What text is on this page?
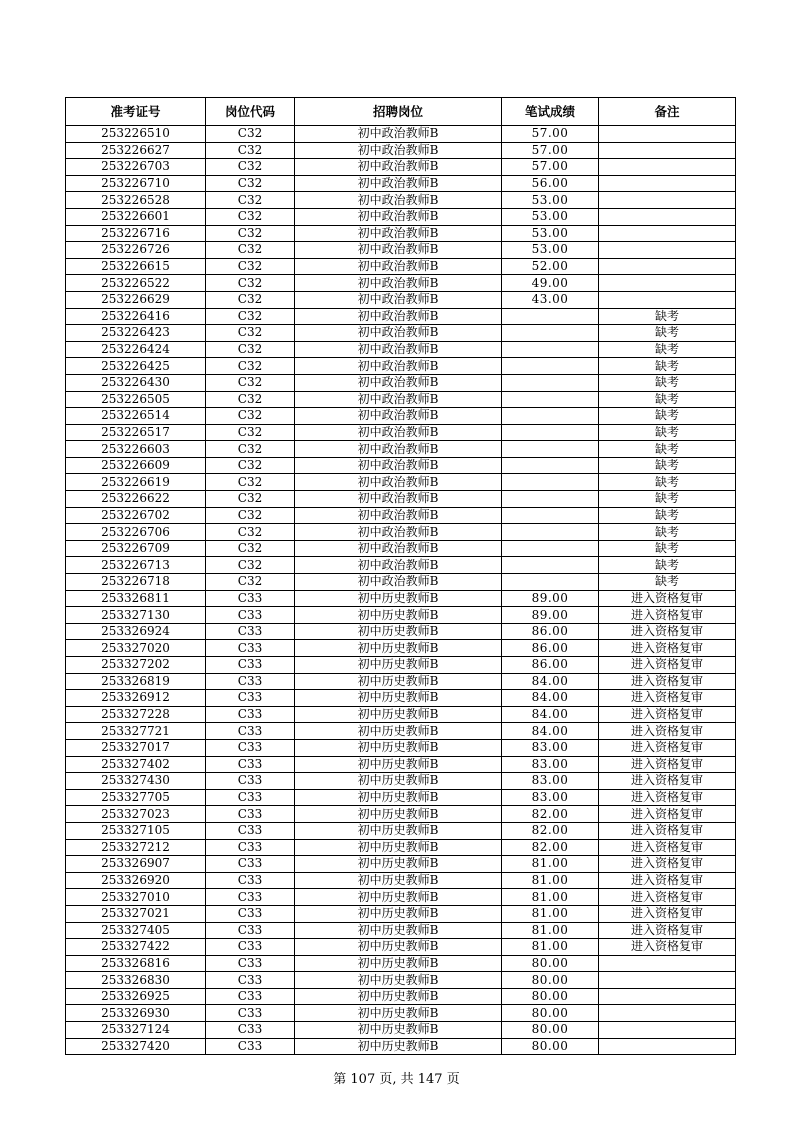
准考证号	岗位代码	招聘岗位	笔试成绩	备注
253226510	C32	初中政治教师B	57.00	
253226627	C32	初中政治教师B	57.00	
253226703	C32	初中政治教师B	57.00	
253226710	C32	初中政治教师B	56.00	
253226528	C32	初中政治教师B	53.00	
253226601	C32	初中政治教师B	53.00	
253226716	C32	初中政治教师B	53.00	
253226726	C32	初中政治教师B	53.00	
253226615	C32	初中政治教师B	52.00	
253226522	C32	初中政治教师B	49.00	
253226629	C32	初中政治教师B	43.00	
253226416	C32	初中政治教师B		缺考
253226423	C32	初中政治教师B		缺考
253226424	C32	初中政治教师B		缺考
253226425	C32	初中政治教师B		缺考
253226430	C32	初中政治教师B		缺考
253226505	C32	初中政治教师B		缺考
253226514	C32	初中政治教师B		缺考
253226517	C32	初中政治教师B		缺考
253226603	C32	初中政治教师B		缺考
253226609	C32	初中政治教师B		缺考
253226619	C32	初中政治教师B		缺考
253226622	C32	初中政治教师B		缺考
253226702	C32	初中政治教师B		缺考
253226706	C32	初中政治教师B		缺考
253226709	C32	初中政治教师B		缺考
253226713	C32	初中政治教师B		缺考
253226718	C32	初中政治教师B		缺考
253326811	C33	初中历史教师B	89.00	进入资格复审
253327130	C33	初中历史教师B	89.00	进入资格复审
253326924	C33	初中历史教师B	86.00	进入资格复审
253327020	C33	初中历史教师B	86.00	进入资格复审
253327202	C33	初中历史教师B	86.00	进入资格复审
253326819	C33	初中历史教师B	84.00	进入资格复审
253326912	C33	初中历史教师B	84.00	进入资格复审
253327228	C33	初中历史教师B	84.00	进入资格复审
253327721	C33	初中历史教师B	84.00	进入资格复审
253327017	C33	初中历史教师B	83.00	进入资格复审
253327402	C33	初中历史教师B	83.00	进入资格复审
253327430	C33	初中历史教师B	83.00	进入资格复审
253327705	C33	初中历史教师B	83.00	进入资格复审
253327023	C33	初中历史教师B	82.00	进入资格复审
253327105	C33	初中历史教师B	82.00	进入资格复审
253327212	C33	初中历史教师B	82.00	进入资格复审
253326907	C33	初中历史教师B	81.00	进入资格复审
253326920	C33	初中历史教师B	81.00	进入资格复审
253327010	C33	初中历史教师B	81.00	进入资格复审
253327021	C33	初中历史教师B	81.00	进入资格复审
253327405	C33	初中历史教师B	81.00	进入资格复审
253327422	C33	初中历史教师B	81.00	进入资格复审
253326816	C33	初中历史教师B	80.00	
253326830	C33	初中历史教师B	80.00	
253326925	C33	初中历史教师B	80.00	
253326930	C33	初中历史教师B	80.00	
253327124	C33	初中历史教师B	80.00	
253327420	C33	初中历史教师B	80.00	
第 107 页, 共 147 页
